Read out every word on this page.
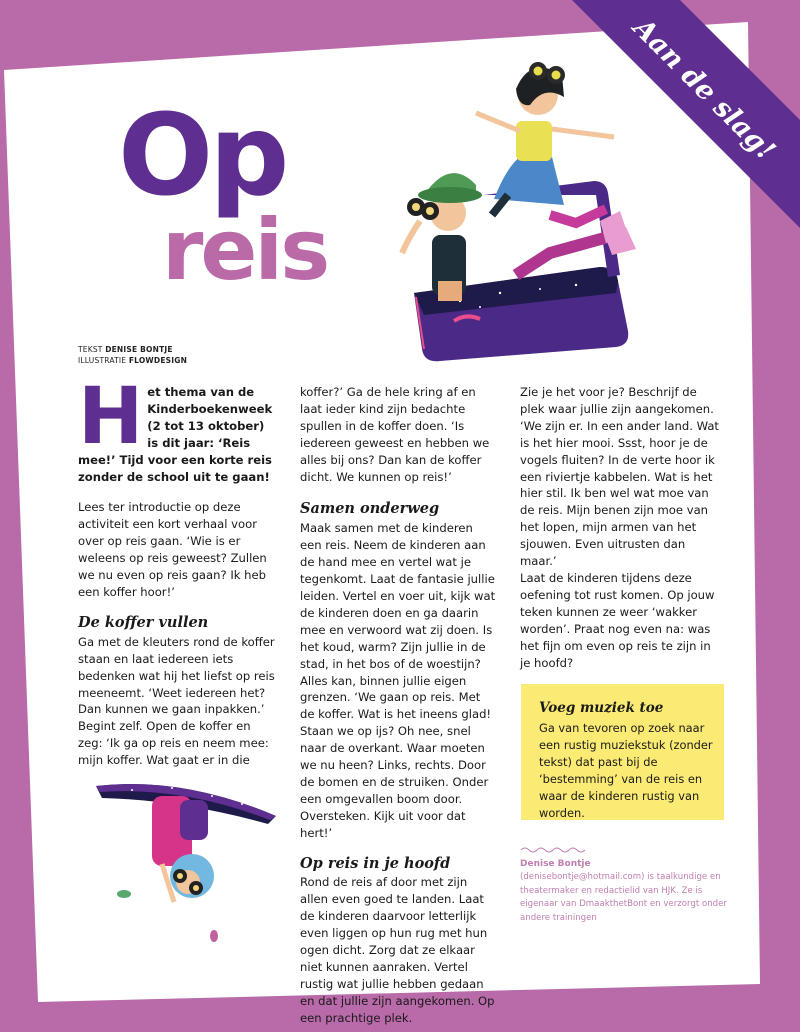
Aan de slag!
Op
reis
TEKST DENISE BONTJE
ILLUSTRATIE FLOWDESIGN
H et thema van de Kinderboekenweek (2 tot 13 oktober) is dit jaar: ‘Reis mee!’ Tijd voor een korte reis zonder de school uit te gaan!

Lees ter introductie op deze activiteit een kort verhaal voor over op reis gaan. ‘Wie is er weleens op reis geweest? Zullen we nu even op reis gaan? Ik heb een koffer hoor!’

De koffer vullen

Ga met de kleuters rond de koffer staan en laat iedereen iets bedenken wat hij het liefst op reis meeneemt. ‘Weet iedereen het? Dan kunnen we gaan inpakken.’ Begint zelf. Open de koffer en zeg: ‘Ik ga op reis en neem mee: mijn koffer. Wat gaat er in die

koffer?’ Ga de hele kring af en laat ieder kind zijn bedachte spullen in de koffer doen. ‘Is iedereen geweest en hebben we alles bij ons? Dan kan de koffer dicht. We kunnen op reis!’

Samen onderweg

Maak samen met de kinderen een reis. Neem de kinderen aan de hand mee en vertel wat je tegenkomt. Laat de fantasie jullie leiden. Vertel en voer uit, kijk wat de kinderen doen en ga daarin mee en verwoord wat zij doen. Is het koud, warm? Zijn jullie in de stad, in het bos of de woestijn? Alles kan, binnen jullie eigen grenzen. ‘We gaan op reis. Met de koffer. Wat is het ineens glad! Staan we op ijs? Oh nee, snel naar de overkant. Waar moeten we nu heen? Links, rechts. Door de bomen en de struiken. Onder een omgevallen boom door. Oversteken. Kijk uit voor dat hert!’

Op reis in je hoofd

Rond de reis af door met zijn allen even goed te landen. Laat de kinderen daarvoor letterlijk even liggen op hun rug met hun ogen dicht. Zorg dat ze elkaar niet kunnen aanraken. Vertel rustig wat jullie hebben gedaan en dat jullie zijn aangekomen. Op een prachtige plek.

Zie je het voor je? Beschrijf de plek waar jullie zijn aangekomen. ‘We zijn er. In een ander land. Wat is het hier mooi. Ssst, hoor je de vogels fluiten? In de verte hoor ik een riviertje kabbelen. Wat is het hier stil. Ik ben wel wat moe van de reis. Mijn benen zijn moe van het lopen, mijn armen van het sjouwen. Even uitrusten dan maar.’

Laat de kinderen tijdens deze oefening tot rust komen. Op jouw teken kunnen ze weer ‘wakker worden’. Praat nog even na: was het fijn om even op reis te zijn in je hoofd?

Voeg muziek toe
Ga van tevoren op zoek naar een rustig muziekstuk (zonder tekst) dat past bij de ‘bestemming’ van de reis en waar de kinderen rustig van worden.
Denise Bontje
(denisebontje@hotmail.com) is taalkundige en theatermaker en redactielid van HJK. Ze is eigenaar van DmaakthetBont en verzorgt onder andere trainingen
HJK #2 2019 11
